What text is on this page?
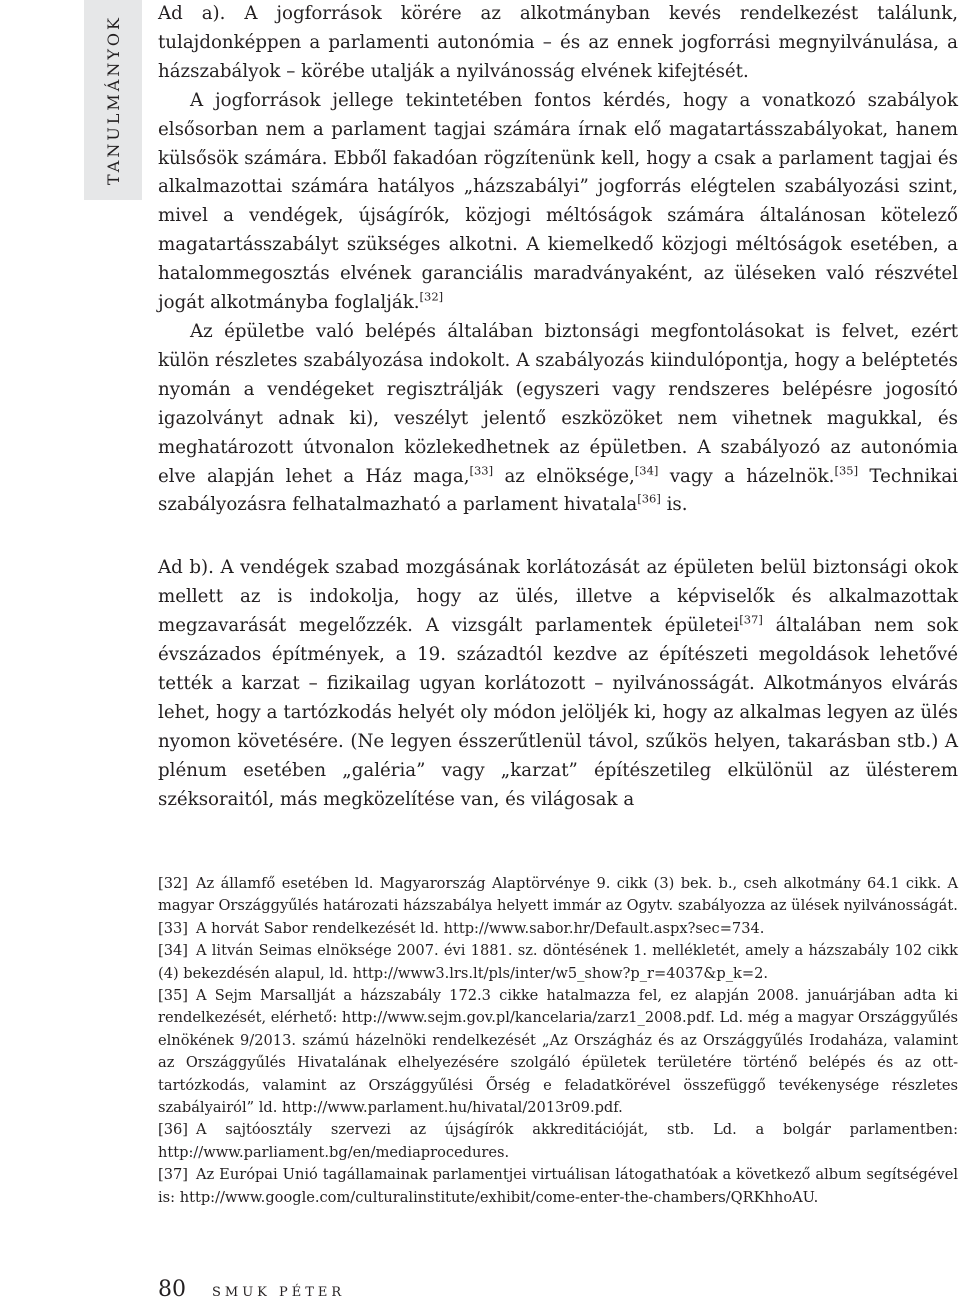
TANULMÁNYOK

Ad a). A jogforrások körére az alkotmányban kevés rendelkezést találunk, tulajdonképpen a parlamenti autonómia – és az ennek jogforrási megnyilvánulása, a házszabályok – körébe utalják a nyilvánosság elvének kifejtését.

A jogforrások jellege tekintetében fontos kérdés, hogy a vonatkozó szabályok elsősorban nem a parlament tagjai számára írnak elő magatartásszabályokat, hanem külsősök számára. Ebből fakadóan rögzítenünk kell, hogy a csak a parlament tagjai és alkalmazottai számára hatályos „házszabályi” jogforrás elégtelen szabályozási szint, mivel a vendégek, újságírók, közjogi méltóságok számára általánosan kötelező magatartásszabályt szükséges alkotni. A kiemelkedő közjogi méltóságok esetében, a hatalommegosztás elvének garanciális maradványaként, az üléseken való részvétel jogát alkotmányba foglalják.[32]

Az épületbe való belépés általában biztonsági megfontolásokat is felvet, ezért külön részletes szabályozása indokolt. A szabályozás kiindulópontja, hogy a beléptetés nyomán a vendégeket regisztrálják (egyszeri vagy rendszeres belépésre jogosító igazolványt adnak ki), veszélyt jelentő eszközöket nem vihetnek magukkal, és meghatározott útvonalon közlekedhetnek az épületben. A szabályozó az autonómia elve alapján lehet a Ház maga,[33] az elnöksége,[34] vagy a házelnök.[35] Technikai szabályozásra felhatalmazható a parlament hivatala[36] is.

Ad b). A vendégek szabad mozgásának korlátozását az épületen belül biztonsági okok mellett az is indokolja, hogy az ülés, illetve a képviselők és alkalmazottak megzavarását megelőzzék. A vizsgált parlamentek épületei[37] általában nem sok évszázados építmények, a 19. századtól kezdve az építészeti megoldások lehetővé tették a karzat – fizikailag ugyan korlátozott – nyilvánosságát. Alkotmányos elvárás lehet, hogy a tartózkodás helyét oly módon jelöljék ki, hogy az alkalmas legyen az ülés nyomon követésére. (Ne legyen ésszerűtlenül távol, szűkös helyen, takarásban stb.) A plénum esetében „galéria” vagy „karzat” építészetileg elkülönül az ülésterem széksoraitól, más megközelítése van, és világosak a

[32] Az államfő esetében ld. Magyarország Alaptörvénye 9. cikk (3) bek. b., cseh alkotmány 64.1 cikk. A magyar Országgyűlés határozati házszabálya helyett immár az Ogytv. szabályozza az ülések nyilvánosságát.

[33] A horvát Sabor rendelkezését ld. http://www.sabor.hr/Default.aspx?sec=734.

[34] A litván Seimas elnöksége 2007. évi 1881. sz. döntésének 1. mellékletét, amely a házszabály 102 cikk (4) bekezdésén alapul, ld. http://www3.lrs.lt/pls/inter/w5_show?p_r=4037&p_k=2.

[35] A Sejm Marsallját a házszabály 172.3 cikke hatalmazza fel, ez alapján 2008. januárjában adta ki rendelkezését, elérhető: http://www.sejm.gov.pl/kancelaria/zarz1_2008.pdf. Ld. még a magyar Országgyűlés elnökének 9/2013. számú házelnöki rendelkezését „Az Országház és az Országgyűlés Irodaháza, valamint az Országgyűlés Hivatalának elhelyezésére szolgáló épületek területére történő belépés és az ott-tartózkodás, valamint az Országgyűlési Őrség e feladatkörével összefüggő tevékenysége részletes szabályairól” ld. http://www.parlament.hu/hivatal/2013r09.pdf.

[36] A sajtóosztály szervezi az újságírók akkreditációját, stb. Ld. a bolgár parlamentben: http://www.parliament.bg/en/mediaprocedures.

[37] Az Európai Unió tagállamainak parlamentjei virtuálisan látogathatóak a következő album segítségével is: http://www.google.com/culturalinstitute/exhibit/come-enter-the-chambers/QRKhhoAU.

80 SMUK PÉTER
